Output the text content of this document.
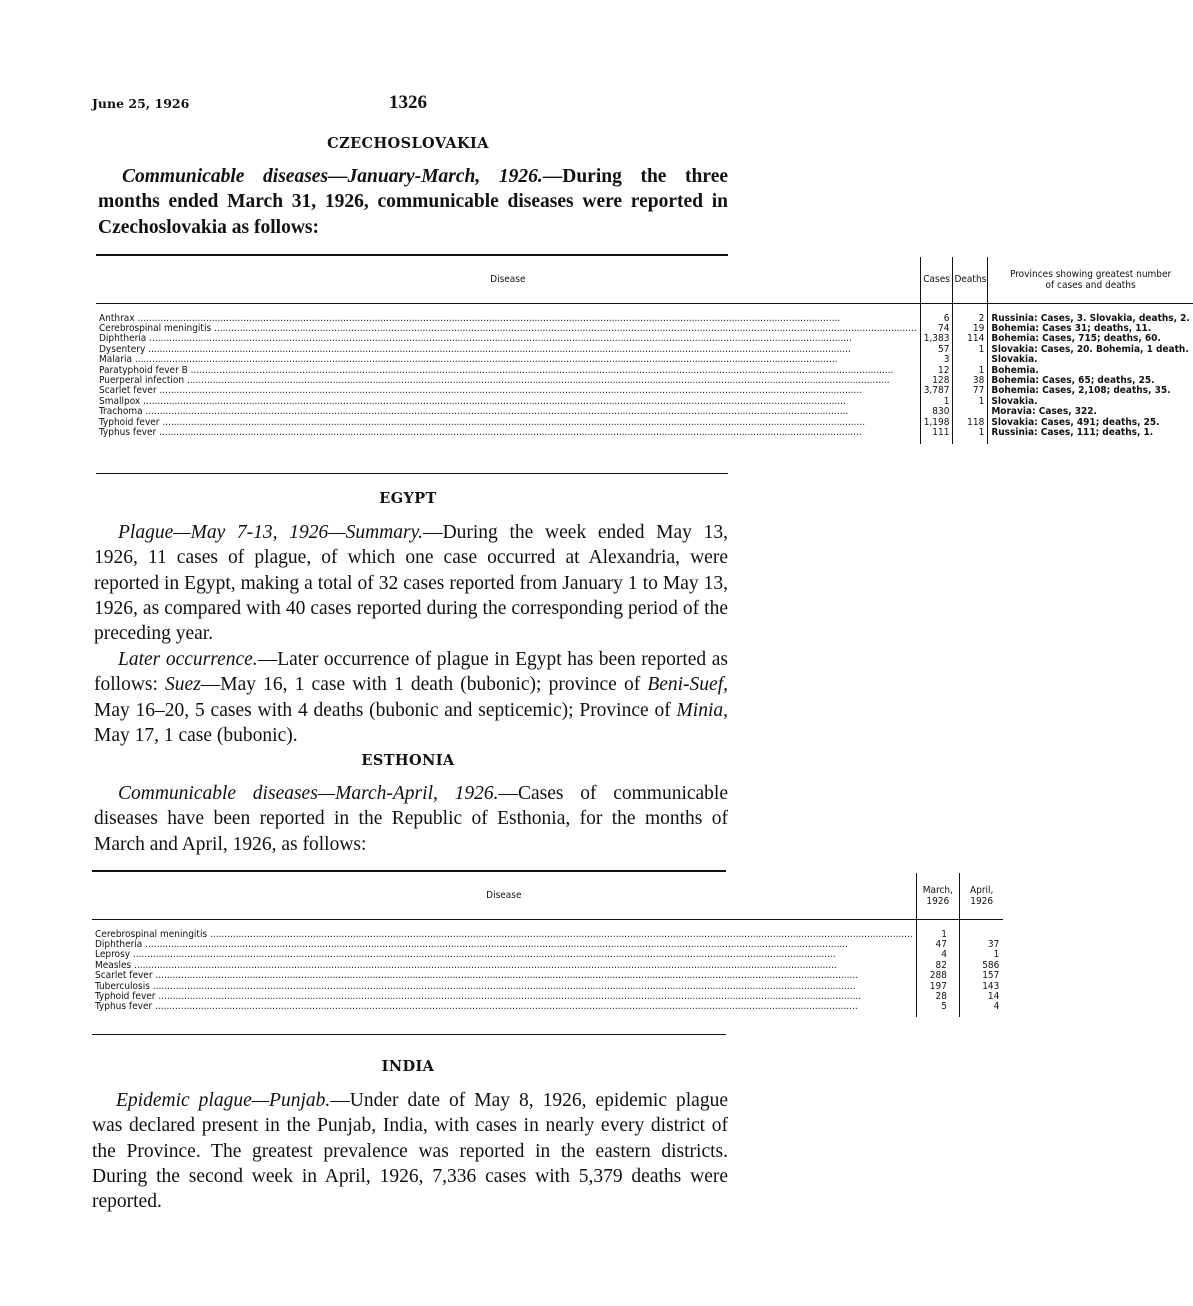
June 25, 1926	1326
CZECHOSLOVAKIA

Communicable diseases—January-March, 1926.—During the three months ended March 31, 1926, communicable diseases were reported in Czechoslovakia as follows:

Disease	Cases	Deaths	Provinces showing greatest number of cases and deaths

Anthrax .....	6	2	Russinia: Cases, 3. Slovakia, deaths, 2.

Cerebrospinal meningitis .....	74	19	Bohemia: Cases 31; deaths, 11.

Diphtheria .....	1,383	114	Bohemia: Cases, 715; deaths, 60.

Dysentery .....	57	1	Slovakia: Cases, 20. Bohemia, 1 death.

Malaria .....	3		Slovakia.

Paratyphoid fever B .....	12	1	Bohemia.

Puerperal infection .....	128	38	Bohemia: Cases, 65; deaths, 25.

Scarlet fever .....	3,787	77	Bohemia: Cases, 2,108; deaths, 35.

Smallpox .....	1	1	Slovakia.

Trachoma .....	830		Moravia: Cases, 322.

Typhoid fever .....	1,198	118	Slovakia: Cases, 491; deaths, 25.

Typhus fever .....	111	1	Russinia: Cases, 111; deaths, 1.

EGYPT

Plague—May 7-13, 1926—Summary.—During the week ended May 13, 1926, 11 cases of plague, of which one case occurred at Alexandria, were reported in Egypt, making a total of 32 cases reported from January 1 to May 13, 1926, as compared with 40 cases reported during the corresponding period of the preceding year.

Later occurrence.—Later occurrence of plague in Egypt has been reported as follows: Suez—May 16, 1 case with 1 death (bubonic); province of Beni-Suef, May 16–20, 5 cases with 4 deaths (bubonic and septicemic); Province of Minia, May 17, 1 case (bubonic).

ESTHONIA

Communicable diseases—March-April, 1926.—Cases of communicable diseases have been reported in the Republic of Esthonia, for the months of March and April, 1926, as follows:

Disease	March, 1926	April, 1926

Cerebrospinal meningitis .....	1	

Diphtheria .....	47	37

Leprosy .....	4	1

Measles .....	82	586

Scarlet fever .....	288	157

Tuberculosis .....	197	143

Typhoid fever .....	28	14

Typhus fever .....	5	4

INDIA

Epidemic plague—Punjab.—Under date of May 8, 1926, epidemic plague was declared present in the Punjab, India, with cases in nearly every district of the Province. The greatest prevalence was reported in the eastern districts. During the second week in April, 1926, 7,336 cases with 5,379 deaths were reported.
